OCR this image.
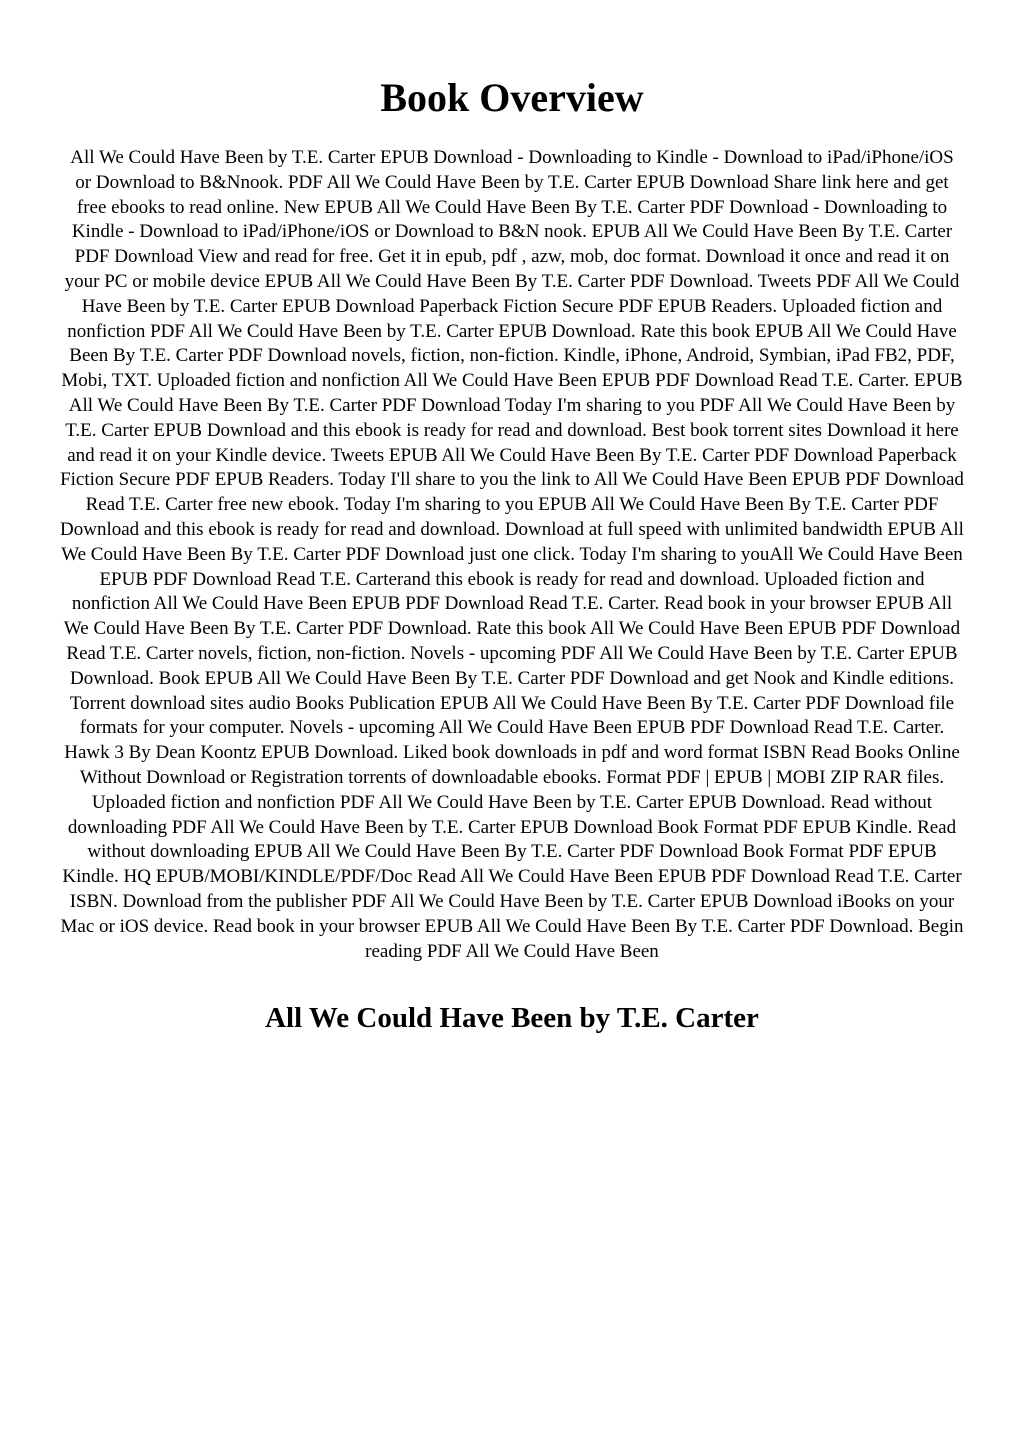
Book Overview

All We Could Have Been by T.E. Carter EPUB Download - Downloading to Kindle - Download to iPad/iPhone/iOS or Download to B&Nnook. PDF All We Could Have Been by T.E. Carter EPUB Download Share link here and get free ebooks to read online. New EPUB All We Could Have Been By T.E. Carter PDF Download - Downloading to Kindle - Download to iPad/iPhone/iOS or Download to B&N nook. EPUB All We Could Have Been By T.E. Carter PDF Download View and read for free. Get it in epub, pdf , azw, mob, doc format. Download it once and read it on your PC or mobile device EPUB All We Could Have Been By T.E. Carter PDF Download. Tweets PDF All We Could Have Been by T.E. Carter EPUB Download Paperback Fiction Secure PDF EPUB Readers. Uploaded fiction and nonfiction PDF All We Could Have Been by T.E. Carter EPUB Download. Rate this book EPUB All We Could Have Been By T.E. Carter PDF Download novels, fiction, non-fiction. Kindle, iPhone, Android, Symbian, iPad FB2, PDF, Mobi, TXT. Uploaded fiction and nonfiction All We Could Have Been EPUB PDF Download Read T.E. Carter. EPUB All We Could Have Been By T.E. Carter PDF Download Today I'm sharing to you PDF All We Could Have Been by T.E. Carter EPUB Download and this ebook is ready for read and download. Best book torrent sites Download it here and read it on your Kindle device. Tweets EPUB All We Could Have Been By T.E. Carter PDF Download Paperback Fiction Secure PDF EPUB Readers. Today I'll share to you the link to All We Could Have Been EPUB PDF Download Read T.E. Carter free new ebook. Today I'm sharing to you EPUB All We Could Have Been By T.E. Carter PDF Download and this ebook is ready for read and download. Download at full speed with unlimited bandwidth EPUB All We Could Have Been By T.E. Carter PDF Download just one click. Today I'm sharing to youAll We Could Have Been EPUB PDF Download Read T.E. Carterand this ebook is ready for read and download. Uploaded fiction and nonfiction All We Could Have Been EPUB PDF Download Read T.E. Carter. Read book in your browser EPUB All We Could Have Been By T.E. Carter PDF Download. Rate this book All We Could Have Been EPUB PDF Download Read T.E. Carter novels, fiction, non-fiction. Novels - upcoming PDF All We Could Have Been by T.E. Carter EPUB Download. Book EPUB All We Could Have Been By T.E. Carter PDF Download and get Nook and Kindle editions. Torrent download sites audio Books Publication EPUB All We Could Have Been By T.E. Carter PDF Download file formats for your computer. Novels - upcoming All We Could Have Been EPUB PDF Download Read T.E. Carter. Hawk 3 By Dean Koontz EPUB Download. Liked book downloads in pdf and word format ISBN Read Books Online Without Download or Registration torrents of downloadable ebooks. Format PDF | EPUB | MOBI ZIP RAR files. Uploaded fiction and nonfiction PDF All We Could Have Been by T.E. Carter EPUB Download. Read without downloading PDF All We Could Have Been by T.E. Carter EPUB Download Book Format PDF EPUB Kindle. Read without downloading EPUB All We Could Have Been By T.E. Carter PDF Download Book Format PDF EPUB Kindle. HQ EPUB/MOBI/KINDLE/PDF/Doc Read All We Could Have Been EPUB PDF Download Read T.E. Carter ISBN. Download from the publisher PDF All We Could Have Been by T.E. Carter EPUB Download iBooks on your Mac or iOS device. Read book in your browser EPUB All We Could Have Been By T.E. Carter PDF Download. Begin reading PDF All We Could Have Been

All We Could Have Been by T.E. Carter
